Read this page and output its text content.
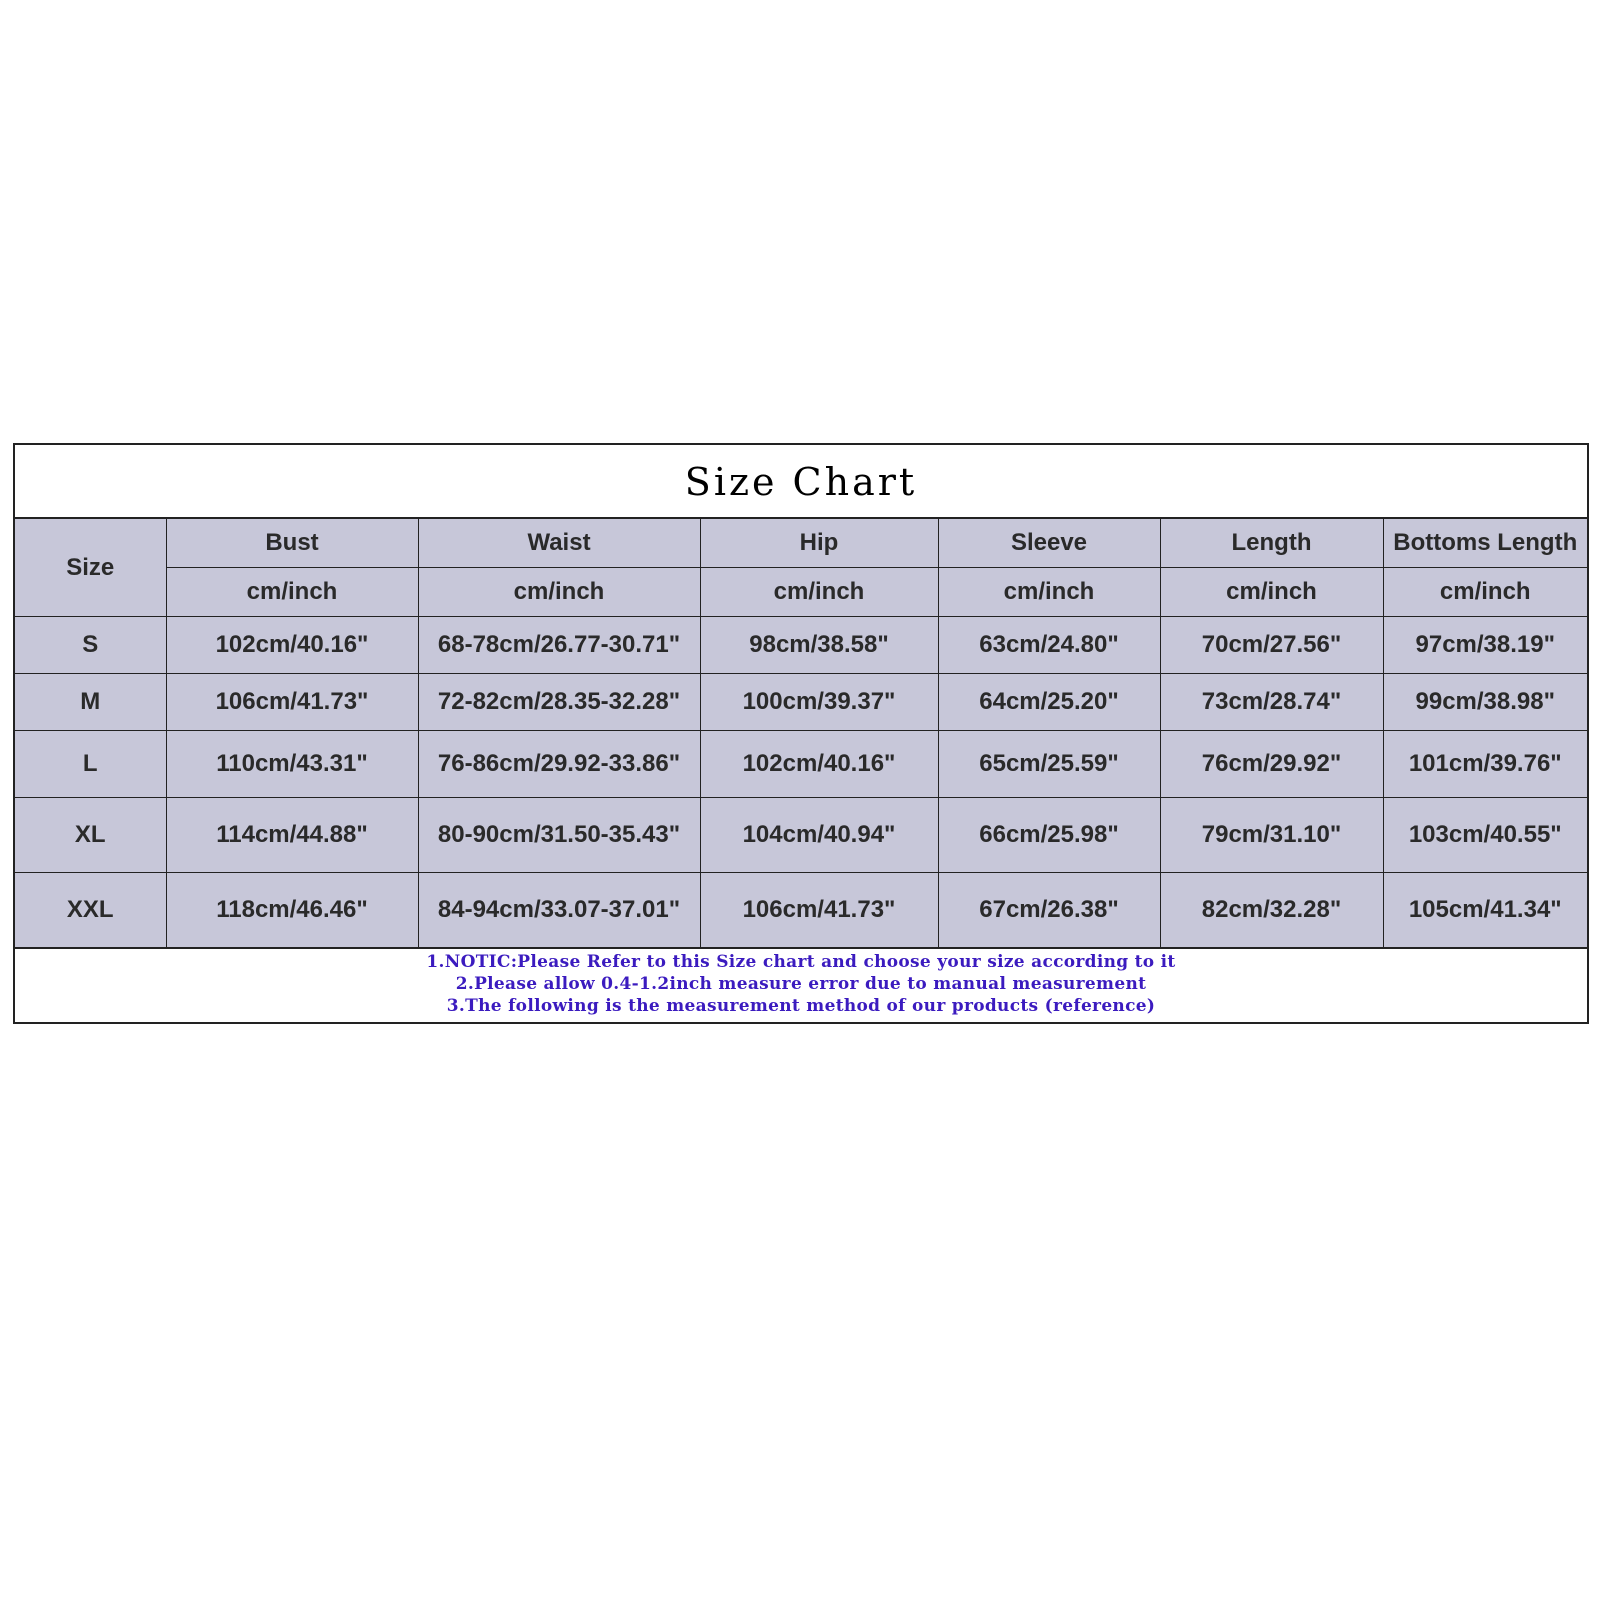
Size Chart
Size	Bust	Waist	Hip	Sleeve	Length	Bottoms Length
	cm/inch	cm/inch	cm/inch	cm/inch	cm/inch	cm/inch
S	102cm/40.16"	68-78cm/26.77-30.71"	98cm/38.58"	63cm/24.80"	70cm/27.56"	97cm/38.19"
M	106cm/41.73"	72-82cm/28.35-32.28"	100cm/39.37"	64cm/25.20"	73cm/28.74"	99cm/38.98"
L	110cm/43.31"	76-86cm/29.92-33.86"	102cm/40.16"	65cm/25.59"	76cm/29.92"	101cm/39.76"
XL	114cm/44.88"	80-90cm/31.50-35.43"	104cm/40.94"	66cm/25.98"	79cm/31.10"	103cm/40.55"
XXL	118cm/46.46"	84-94cm/33.07-37.01"	106cm/41.73"	67cm/26.38"	82cm/32.28"	105cm/41.34"
1.NOTIC:Please Refer to this Size chart and choose your size according to it
2.Please allow 0.4-1.2inch measure error due to manual measurement
3.The following is the measurement method of our products (reference)
